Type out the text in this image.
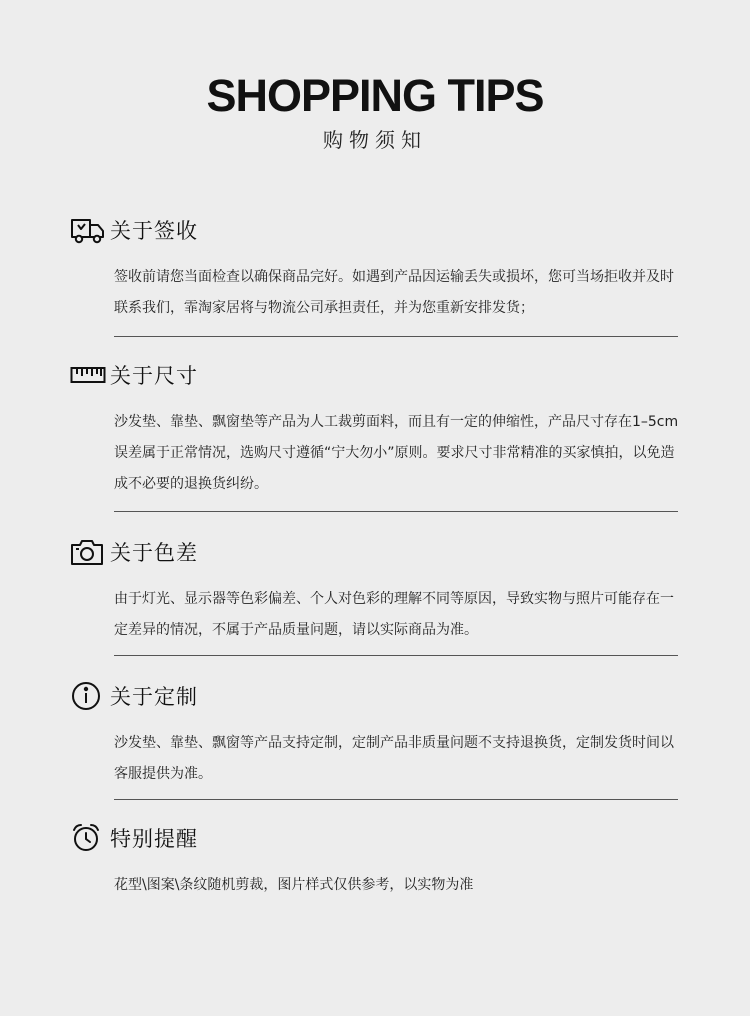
SHOPPING TIPS
购物须知
关于签收
签收前请您当面检查以确保商品完好。如遇到产品因运输丢失或损坏，您可当场拒收并及时联系我们，霏淘家居将与物流公司承担责任，并为您重新安排发货；
关于尺寸
沙发垫、靠垫、飘窗垫等产品为人工裁剪面料，而且有一定的伸缩性，产品尺寸存在1–5cm误差属于正常情况，选购尺寸遵循“宁大勿小”原则。要求尺寸非常精准的买家慎拍，以免造成不必要的退换货纠纷。
关于色差
由于灯光、显示器等色彩偏差、个人对色彩的理解不同等原因，导致实物与照片可能存在一定差异的情况，不属于产品质量问题，请以实际商品为准。
关于定制
沙发垫、靠垫、飘窗等产品支持定制，定制产品非质量问题不支持退换货，定制发货时间以客服提供为准。
特别提醒
花型\图案\条纹随机剪裁，图片样式仅供参考，以实物为准
